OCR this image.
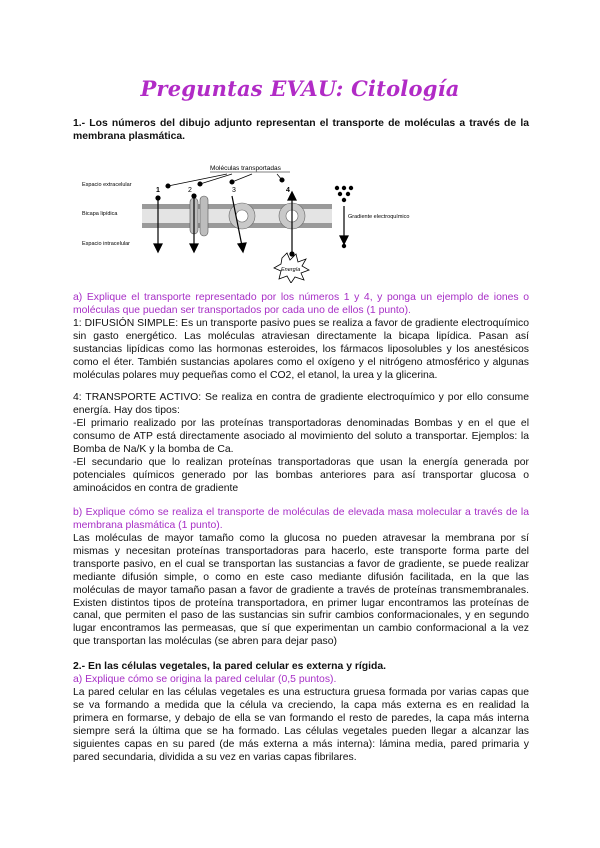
Preguntas EVAU: Citología
1.- Los números del dibujo adjunto representan el transporte de moléculas a través de la membrana plasmática.
Moléculas transportadas
Espacio extracelular
Bicapa lipídica
Espacio intracelular
Gradiente electroquímico
1	2	3	4
Energía
a) Explique el transporte representado por los números 1 y 4, y ponga un ejemplo de iones o moléculas que puedan ser transportados por cada uno de ellos (1 punto).
1: DIFUSIÓN SIMPLE: Es un transporte pasivo pues se realiza a favor de gradiente electroquímico sin gasto energético. Las moléculas atraviesan directamente la bicapa lipídica. Pasan así sustancias lipídicas como las hormonas esteroides, los fármacos liposolubles y los anestésicos como el éter. También sustancias apolares como el oxígeno y el nitrógeno atmosférico y algunas moléculas polares muy pequeñas como el CO2, el etanol, la urea y la glicerina.
4: TRANSPORTE ACTIVO: Se realiza en contra de gradiente electroquímico y por ello consume energía. Hay dos tipos:
-El primario realizado por las proteínas transportadoras denominadas Bombas y en el que el consumo de ATP está directamente asociado al movimiento del soluto a transportar. Ejemplos: la Bomba de Na/K y la bomba de Ca.
-El secundario que lo realizan proteínas transportadoras que usan la energía generada por potenciales químicos generado por las bombas anteriores para así transportar glucosa o aminoácidos en contra de gradiente
b) Explique cómo se realiza el transporte de moléculas de elevada masa molecular a través de la membrana plasmática (1 punto).
Las moléculas de mayor tamaño como la glucosa no pueden atravesar la membrana por sí mismas y necesitan proteínas transportadoras para hacerlo, este transporte forma parte del transporte pasivo, en el cual se transportan las sustancias a favor de gradiente, se puede realizar mediante difusión simple, o como en este caso mediante difusión facilitada, en la que las moléculas de mayor tamaño pasan a favor de gradiente a través de proteínas transmembranales. Existen distintos tipos de proteína transportadora, en primer lugar encontramos las proteínas de canal, que permiten el paso de las sustancias sin sufrir cambios conformacionales, y en segundo lugar encontramos las permeasas, que sí que experimentan un cambio conformacional a la vez que transportan las moléculas (se abren para dejar paso)
2.- En las células vegetales, la pared celular es externa y rígida.
a) Explique cómo se origina la pared celular (0,5 puntos).
La pared celular en las células vegetales es una estructura gruesa formada por varias capas que se va formando a medida que la célula va creciendo, la capa más externa es en realidad la primera en formarse, y debajo de ella se van formando el resto de paredes, la capa más interna siempre será la última que se ha formado. Las células vegetales pueden llegar a alcanzar las siguientes capas en su pared (de más externa a más interna): lámina media, pared primaria y pared secundaria, dividida a su vez en varias capas fibrilares.
